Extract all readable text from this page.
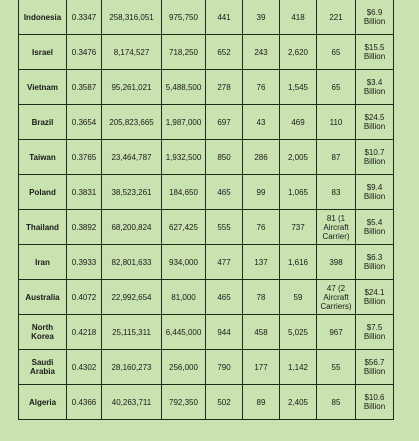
Indonesia	0.3347	258,316,051	975,750	441	39	418	221	$6.9 Billion
Israel	0.3476	8,174,527	718,250	652	243	2,620	65	$15.5 Billion
Vietnam	0.3587	95,261,021	5,488,500	278	76	1,545	65	$3.4 Billion
Brazil	0.3654	205,823,665	1,987,000	697	43	469	110	$24.5 Billion
Taiwan	0.3765	23,464,787	1,932,500	850	286	2,005	87	$10.7 Billion
Poland	0.3831	38,523,261	184,650	465	99	1,065	83	$9.4 Billion
Thailand	0.3892	68,200,824	627,425	555	76	737	81 (1 Aircraft Carrier)	$5.4 Billion
Iran	0.3933	82,801,633	934,000	477	137	1,616	398	$6.3 Billion
Australia	0.4072	22,992,654	81,000	465	78	59	47 (2 Aircraft Carriers)	$24.1 Billion
North Korea	0.4218	25,115,311	6,445,000	944	458	5,025	967	$7.5 Billion
Saudi Arabia	0.4302	28,160,273	256,000	790	177	1,142	55	$56.7 Billion
Algeria	0.4366	40,263,711	792,350	502	89	2,405	85	$10.6 Billion
